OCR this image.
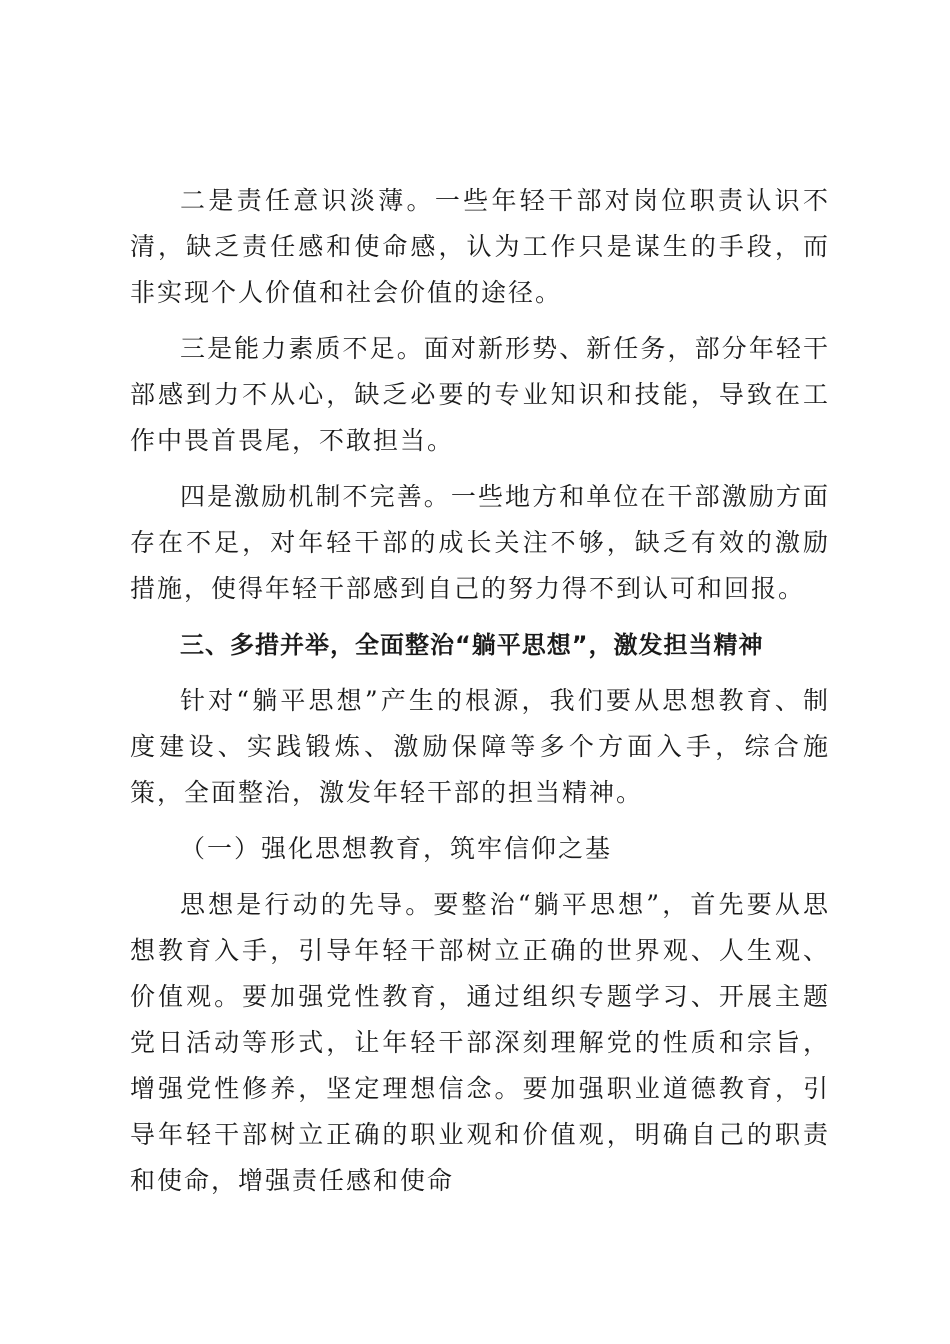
二是责任意识淡薄。一些年轻干部对岗位职责认识不清，缺乏责任感和使命感，认为工作只是谋生的手段，而非实现个人价值和社会价值的途径。

三是能力素质不足。面对新形势、新任务，部分年轻干部感到力不从心，缺乏必要的专业知识和技能，导致在工作中畏首畏尾，不敢担当。

四是激励机制不完善。一些地方和单位在干部激励方面存在不足，对年轻干部的成长关注不够，缺乏有效的激励措施，使得年轻干部感到自己的努力得不到认可和回报。

三、多措并举，全面整治“躺平思想”，激发担当精神

针对“躺平思想”产生的根源，我们要从思想教育、制度建设、实践锻炼、激励保障等多个方面入手，综合施策，全面整治，激发年轻干部的担当精神。

（一）强化思想教育，筑牢信仰之基

思想是行动的先导。要整治“躺平思想”，首先要从思想教育入手，引导年轻干部树立正确的世界观、人生观、价值观。要加强党性教育，通过组织专题学习、开展主题党日活动等形式，让年轻干部深刻理解党的性质和宗旨，增强党性修养，坚定理想信念。要加强职业道德教育，引导年轻干部树立正确的职业观和价值观，明确自己的职责和使命，增强责任感和使命
